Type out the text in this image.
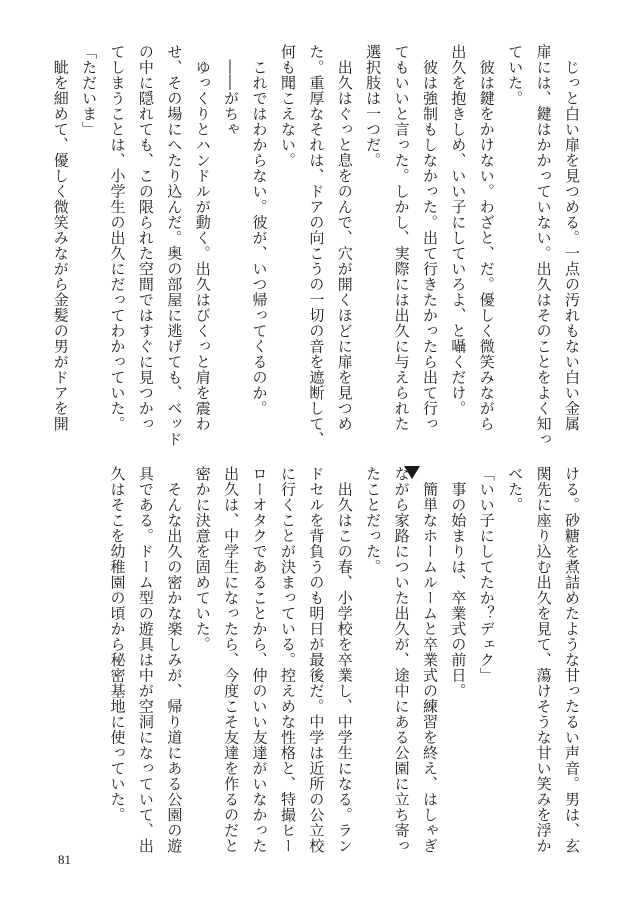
　じっと白い扉を見つめる。一点の汚れもない白い金属
扉には、鍵はかかっていない。出久はそのことをよく知っ
ていた。
　彼は鍵をかけない。わざと、だ。優しく微笑みながら
出久を抱きしめ、いい子にしていろよ、と囁くだけ。
　彼は強制もしなかった。出て行きたかったら出て行っ
てもいいと言った。しかし、実際には出久に与えられた
選択肢は一つだ。
　出久はぐっと息をのんで、穴が開くほどに扉を見つめ
た。重厚なそれは、ドアの向こうの一切の音を遮断して、
何も聞こえない。
　これではわからない。彼が、いつ帰ってくるのか。
　――がちゃ
　ゆっくりとハンドルが動く。出久はびくっと肩を震わ
せ、その場にへたり込んだ。奥の部屋に逃げても、ベッド
の中に隠れても、この限られた空間ではすぐに見つかっ
てしまうことは、小学生の出久にだってわかっていた。
「ただいま」
　眦を細めて、優しく微笑みながら金髪の男がドアを開
ける。砂糖を煮詰めたような甘ったるい声音。男は、玄
関先に座り込む出久を見て、蕩けそうな甘い笑みを浮か
べた。
「いい子にしてたか？デェク」
　事の始まりは、卒業式の前日。
　簡単なホームルームと卒業式の練習を終え、はしゃぎ
ながら家路についた出久が、途中にある公園に立ち寄っ
たことだった。
　出久はこの春、小学校を卒業し、中学生になる。ラン
ドセルを背負うのも明日が最後だ。中学は近所の公立校
に行くことが決まっている。控えめな性格と、特撮ヒー
ローオタクであることから、仲のいい友達がいなかった
出久は、中学生になったら、今度こそ友達を作るのだと
密かに決意を固めていた。
　そんな出久の密かな楽しみが、帰り道にある公園の遊
具である。ドーム型の遊具は中が空洞になっていて、出
久はそこを幼稚園の頃から秘密基地に使っていた。
81
